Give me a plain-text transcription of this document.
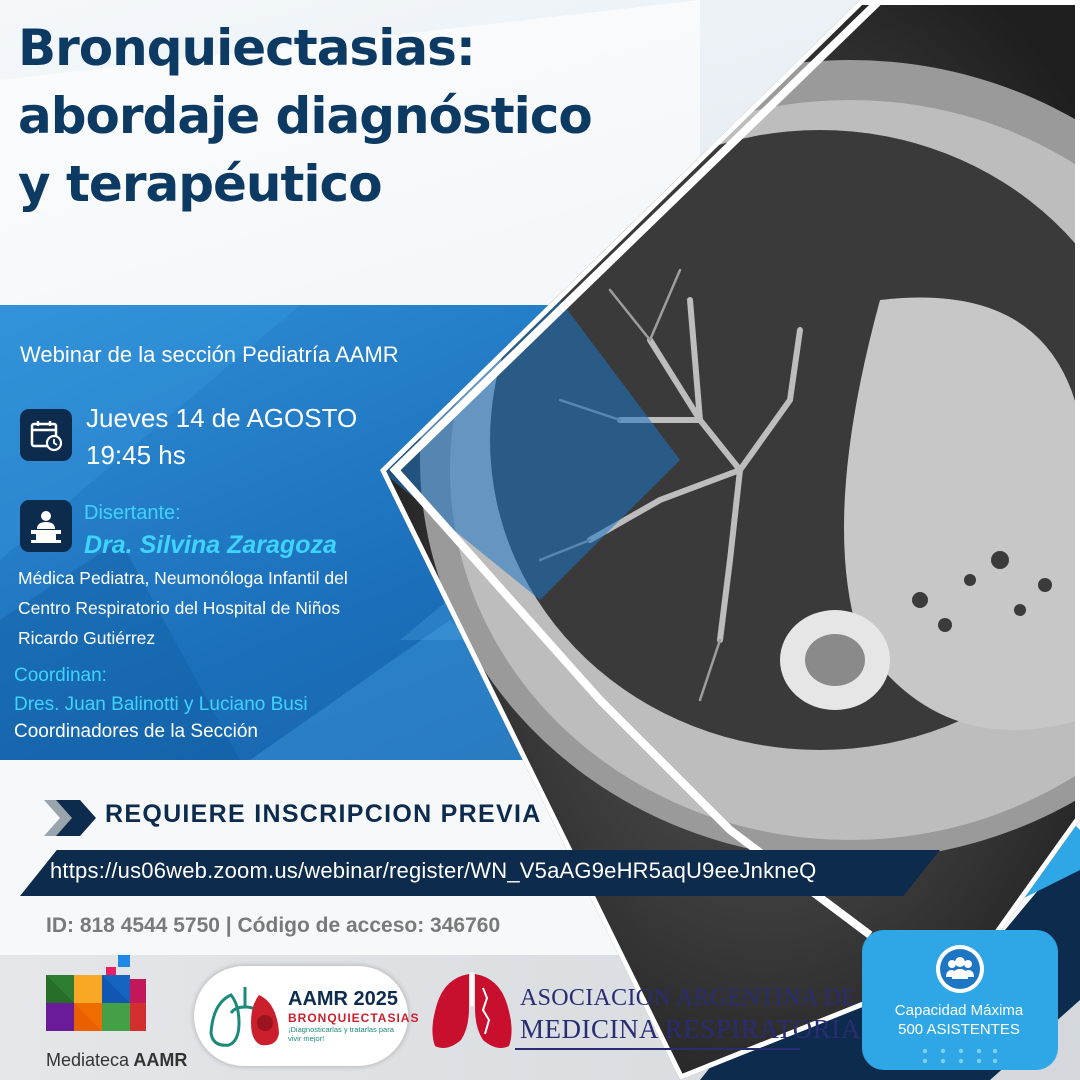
Bronquiectasias:
abordaje diagnóstico
y terapéutico
Webinar de la sección Pediatría AAMR
Jueves 14 de AGOSTO
19:45 hs
Disertante:
Dra. Silvina Zaragoza
Médica Pediatra, Neumonóloga Infantil del
Centro Respiratorio del Hospital de Niños
Ricardo Gutiérrez
Coordinan:
Dres. Juan Balinotti y Luciano Busi
Coordinadores de la Sección
REQUIERE INSCRIPCION PREVIA
https://us06web.zoom.us/webinar/register/WN_V5aAG9eHR5aqU9eeJnkneQ
ID: 818 4544 5750 | Código de acceso: 346760
Mediateca AAMR
AAMR 2025
BRONQUIECTASIAS
¡Diagnosticarlas y tratarlas para vivir mejor!
ASOCIACION ARGENTINA DE
MEDICINA RESPIRATORIA
Capacidad Máxima
500 ASISTENTES
